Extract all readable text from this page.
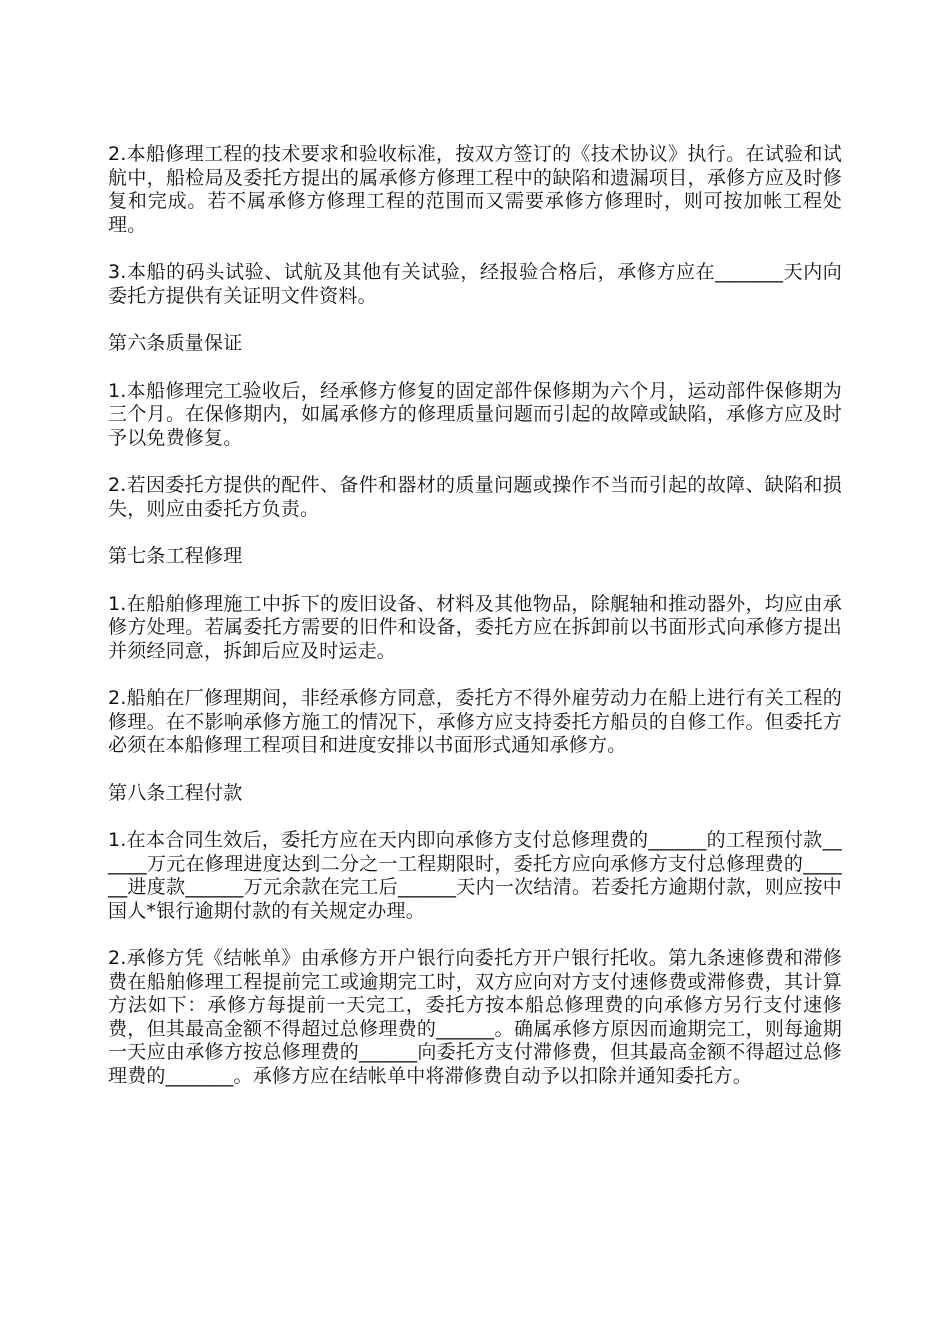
2.本船修理工程的技术要求和验收标准，按双方签订的《技术协议》执行。在试验和试航中，船检局及委托方提出的属承修方修理工程中的缺陷和遗漏项目，承修方应及时修复和完成。若不属承修方修理工程的范围而又需要承修方修理时，则可按加帐工程处理。

3.本船的码头试验、试航及其他有关试验，经报验合格后，承修方应在_______天内向委托方提供有关证明文件资料。

第六条质量保证

1.本船修理完工验收后，经承修方修复的固定部件保修期为六个月，运动部件保修期为三个月。在保修期内，如属承修方的修理质量问题而引起的故障或缺陷，承修方应及时予以免费修复。

2.若因委托方提供的配件、备件和器材的质量问题或操作不当而引起的故障、缺陷和损失，则应由委托方负责。

第七条工程修理

1.在船舶修理施工中拆下的废旧设备、材料及其他物品，除艉轴和推动器外，均应由承修方处理。若属委托方需要的旧件和设备，委托方应在拆卸前以书面形式向承修方提出并须经同意，拆卸后应及时运走。

2.船舶在厂修理期间，非经承修方同意，委托方不得外雇劳动力在船上进行有关工程的修理。在不影响承修方施工的情况下，承修方应支持委托方船员的自修工作。但委托方必须在本船修理工程项目和进度安排以书面形式通知承修方。

第八条工程付款

1.在本合同生效后，委托方应在天内即向承修方支付总修理费的______的工程预付款______万元在修理进度达到二分之一工程期限时，委托方应向承修方支付总修理费的______进度款______万元余款在完工后______天内一次结清。若委托方逾期付款，则应按中国人*银行逾期付款的有关规定办理。

2.承修方凭《结帐单》由承修方开户银行向委托方开户银行托收。第九条速修费和滞修费在船舶修理工程提前完工或逾期完工时，双方应向对方支付速修费或滞修费，其计算方法如下：承修方每提前一天完工，委托方按本船总修理费的向承修方另行支付速修费，但其最高金额不得超过总修理费的______。确属承修方原因而逾期完工，则每逾期一天应由承修方按总修理费的______向委托方支付滞修费，但其最高金额不得超过总修理费的_______。承修方应在结帐单中将滞修费自动予以扣除并通知委托方。
